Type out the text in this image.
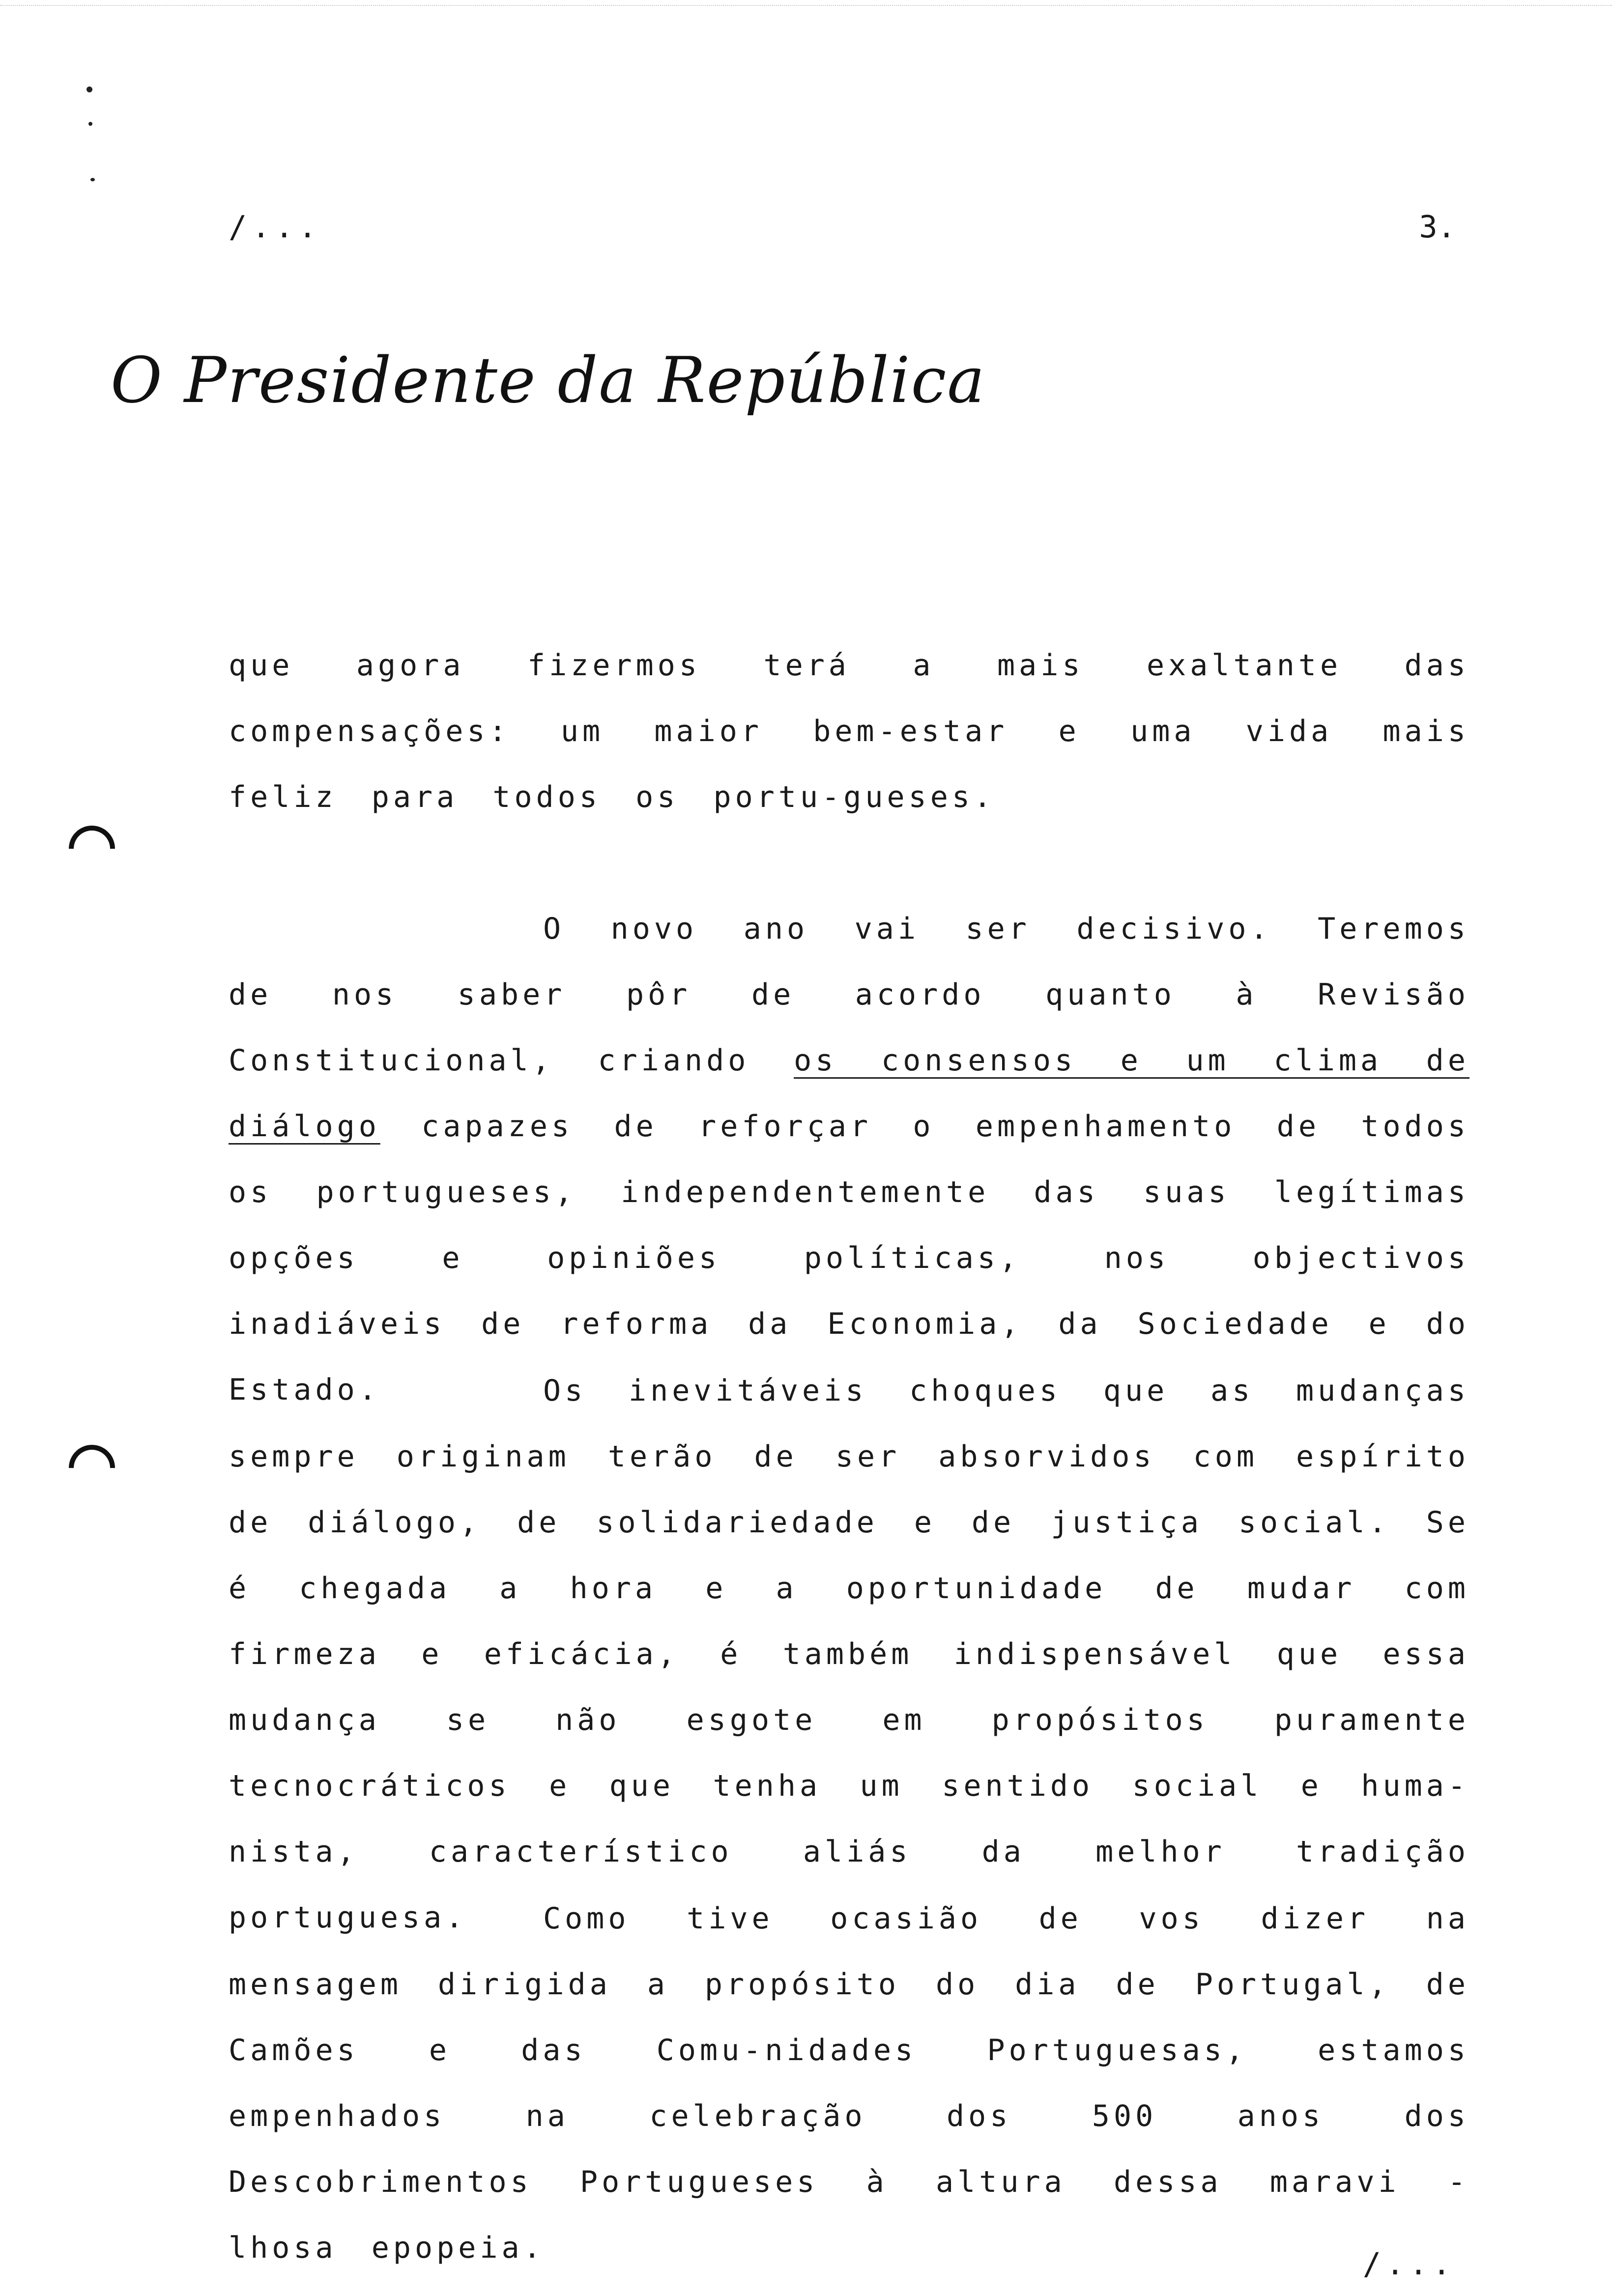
/...	3.
O Presidente da República
que agora fizermos terá a mais exaltante das compensações: um maior bem-estar e uma vida mais feliz para todos os portu-gueses.
O novo ano vai ser decisivo. Teremos de nos saber pôr de acordo quanto à Revisão Constitucional, criando os consensos e um clima de diálogo capazes de reforçar o empenhamento de todos os portugueses, independentemente das suas legítimas opções e opiniões políticas, nos objectivos inadiáveis de reforma da Economia, da Sociedade e do Estado.	Os inevitáveis choques que as mudanças sempre originam terão de ser absorvidos com espírito de diálogo, de solidariedade e de justiça social. Se é chegada a hora e a oportunidade de mudar com firmeza e eficácia, é também indispensável que essa mudança se não esgote em propósitos puramente tecnocráticos e que tenha um sentido social e huma-nista, característico aliás da melhor tradição portuguesa.	Como tive ocasião de vos dizer na mensagem dirigida a propósito do dia de Portugal, de Camões e das Comu-nidades Portuguesas, estamos empenhados na celebração dos 500 anos dos Descobrimentos Portugueses à altura dessa maravi - lhosa epopeia.	/...
